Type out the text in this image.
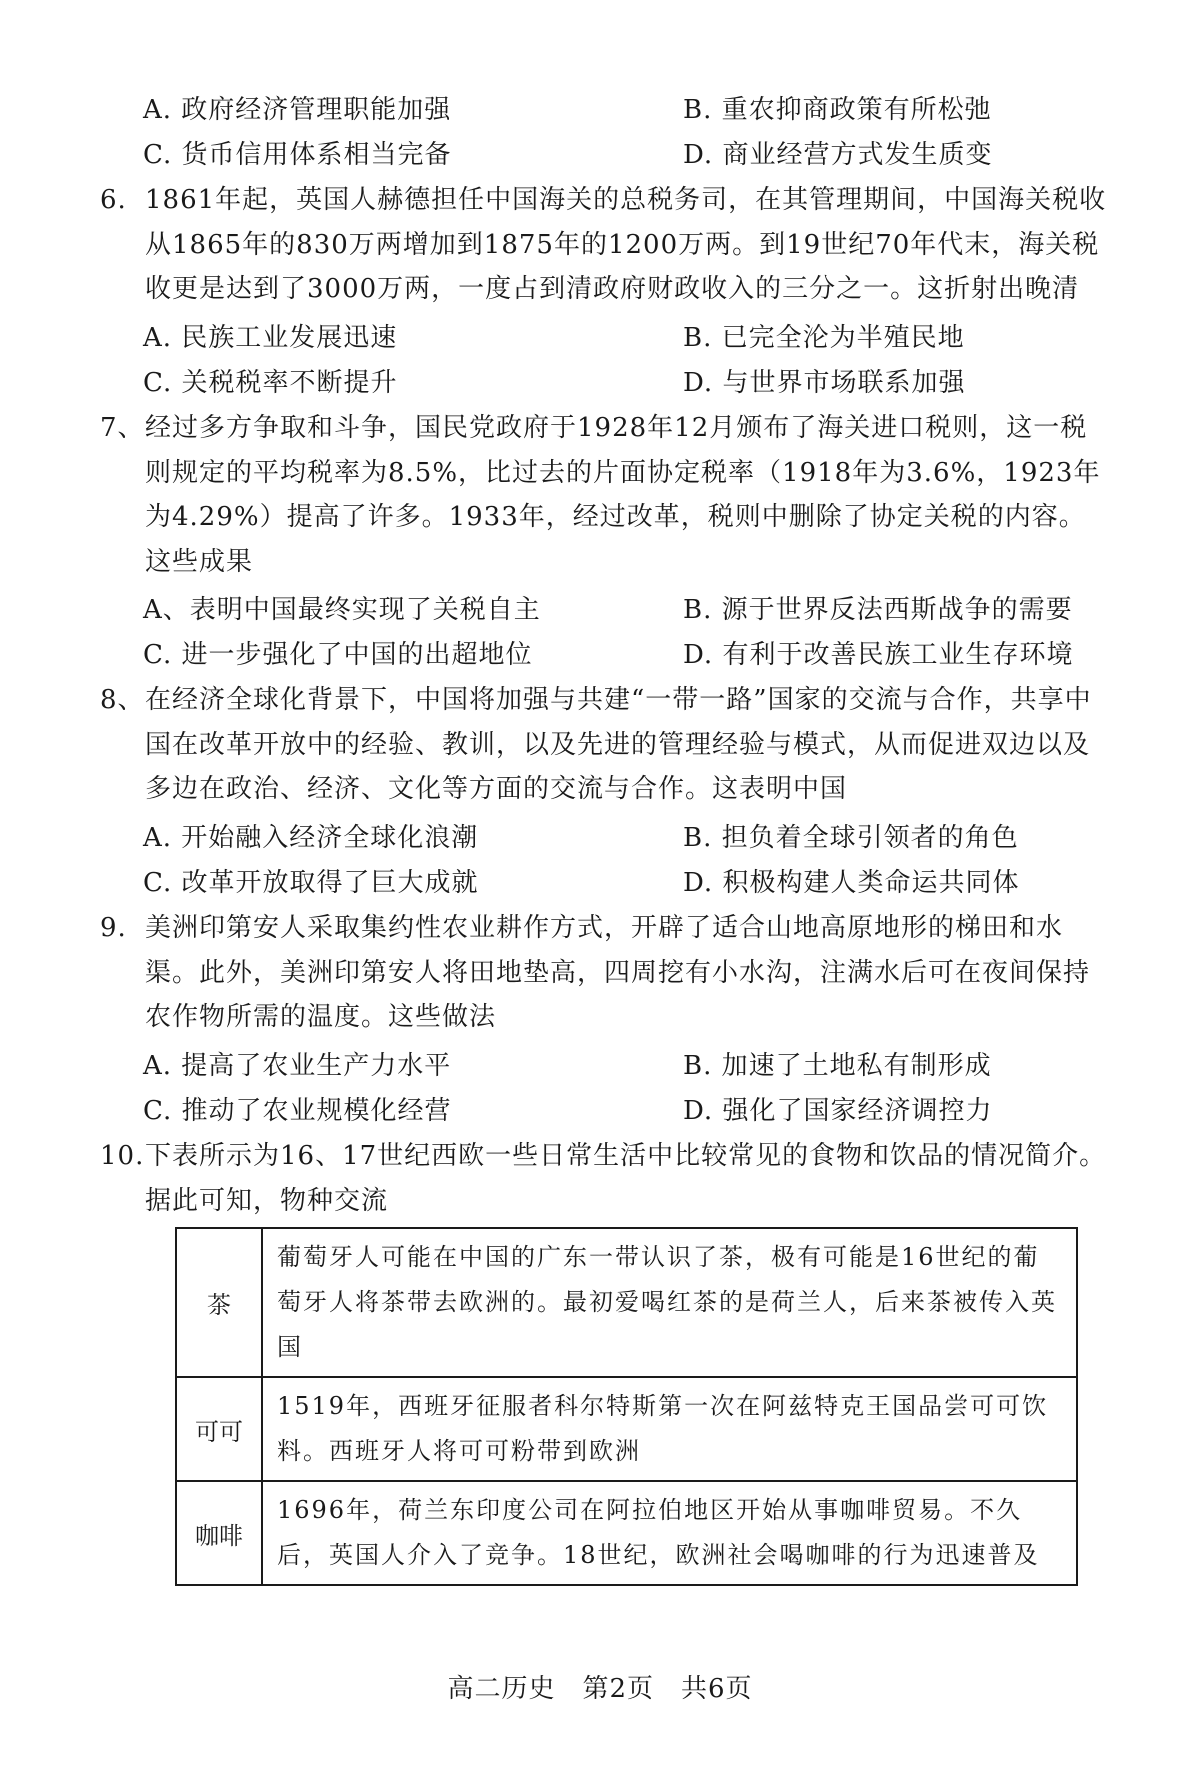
A. 政府经济管理职能加强	B. 重农抑商政策有所松弛
C. 货币信用体系相当完备	D. 商业经营方式发生质变
6. 1861年起，英国人赫德担任中国海关的总税务司，在其管理期间，中国海关税收从1865年的830万两增加到1875年的1200万两。到19世纪70年代末，海关税收更是达到了3000万两，一度占到清政府财政收入的三分之一。这折射出晚清
A. 民族工业发展迅速	B. 已完全沦为半殖民地
C. 关税税率不断提升	D. 与世界市场联系加强
7、 经过多方争取和斗争，国民党政府于1928年12月颁布了海关进口税则，这一税则规定的平均税率为8.5%，比过去的片面协定税率（1918年为3.6%，1923年为4.29%）提高了许多。1933年，经过改革，税则中删除了协定关税的内容。这些成果
A、表明中国最终实现了关税自主	B. 源于世界反法西斯战争的需要
C. 进一步强化了中国的出超地位	D. 有利于改善民族工业生存环境
8、 在经济全球化背景下，中国将加强与共建“一带一路”国家的交流与合作，共享中国在改革开放中的经验、教训，以及先进的管理经验与模式，从而促进双边以及多边在政治、经济、文化等方面的交流与合作。这表明中国
A. 开始融入经济全球化浪潮	B. 担负着全球引领者的角色
C. 改革开放取得了巨大成就	D. 积极构建人类命运共同体
9. 美洲印第安人采取集约性农业耕作方式，开辟了适合山地高原地形的梯田和水渠。此外，美洲印第安人将田地垫高，四周挖有小水沟，注满水后可在夜间保持农作物所需的温度。这些做法
A. 提高了农业生产力水平	B. 加速了土地私有制形成
C. 推动了农业规模化经营	D. 强化了国家经济调控力
10. 下表所示为16、17世纪西欧一些日常生活中比较常见的食物和饮品的情况简介。据此可知，物种交流
茶	葡萄牙人可能在中国的广东一带认识了茶，极有可能是16世纪的葡萄牙人将茶带去欧洲的。最初爱喝红茶的是荷兰人，后来茶被传入英国
可可	1519年，西班牙征服者科尔特斯第一次在阿兹特克王国品尝可可饮料。西班牙人将可可粉带到欧洲
咖啡	1696年，荷兰东印度公司在阿拉伯地区开始从事咖啡贸易。不久后，英国人介入了竞争。18世纪，欧洲社会喝咖啡的行为迅速普及
高二历史　第2页　共6页
